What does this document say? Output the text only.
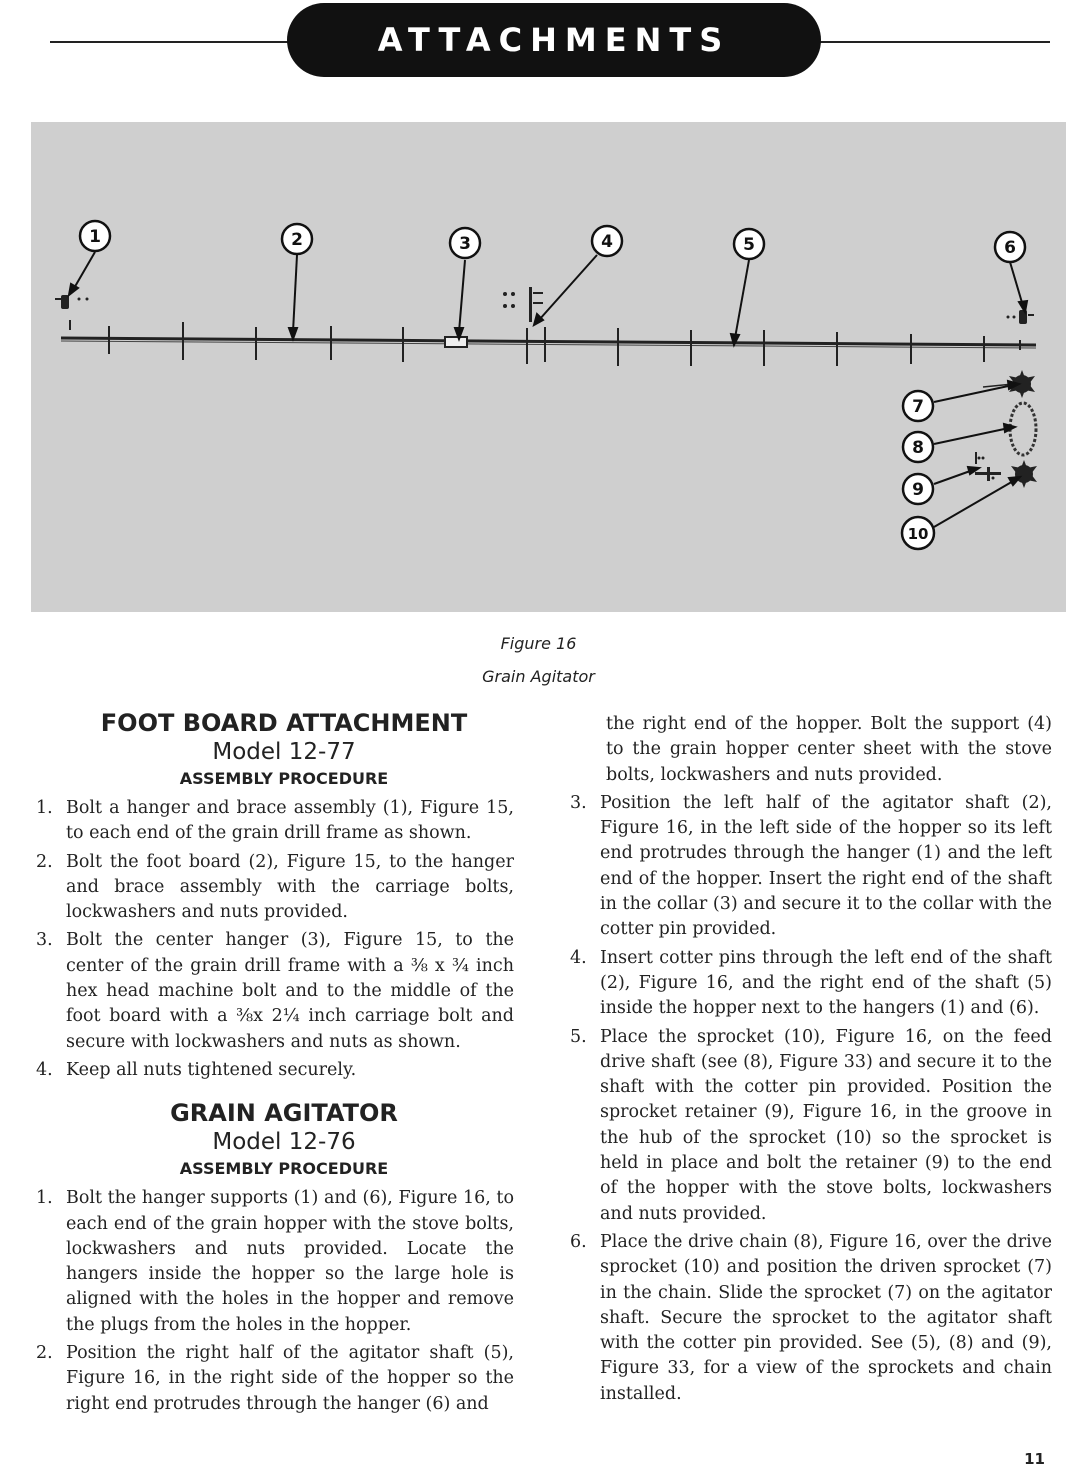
ATTACHMENTS
1	2	3	4	5	6
7
8
9
10
Figure 16
Grain Agitator
FOOT BOARD ATTACHMENT
Model 12-77
ASSEMBLY PROCEDURE
1. Bolt a hanger and brace assembly (1), Figure 15, to each end of the grain drill frame as shown.
2. Bolt the foot board (2), Figure 15, to the hanger and brace assembly with the carriage bolts, lockwashers and nuts provided.
3. Bolt the center hanger (3), Figure 15, to the center of the grain drill frame with a ⅜ x ¾ inch hex head machine bolt and to the middle of the foot board with a ⅜x 2¼ inch carriage bolt and secure with lockwashers and nuts as shown.
4. Keep all nuts tightened securely.
GRAIN AGITATOR
Model 12-76
ASSEMBLY PROCEDURE
1. Bolt the hanger supports (1) and (6), Figure 16, to each end of the grain hopper with the stove bolts, lockwashers and nuts provided. Locate the hangers inside the hopper so the large hole is aligned with the holes in the hopper and remove the plugs from the holes in the hopper.
2. Position the right half of the agitator shaft (5), Figure 16, in the right side of the hopper so the right end protrudes through the hanger (6) and
the right end of the hopper. Bolt the support (4) to the grain hopper center sheet with the stove bolts, lockwashers and nuts provided.
3. Position the left half of the agitator shaft (2), Figure 16, in the left side of the hopper so its left end protrudes through the hanger (1) and the left end of the hopper. Insert the right end of the shaft in the collar (3) and secure it to the collar with the cotter pin provided.
4. Insert cotter pins through the left end of the shaft (2), Figure 16, and the right end of the shaft (5) inside the hopper next to the hangers (1) and (6).
5. Place the sprocket (10), Figure 16, on the feed drive shaft (see (8), Figure 33) and secure it to the shaft with the cotter pin provided. Position the sprocket retainer (9), Figure 16, in the groove in the hub of the sprocket (10) so the sprocket is held in place and bolt the retainer (9) to the end of the hopper with the stove bolts, lockwashers and nuts provided.
6. Place the drive chain (8), Figure 16, over the drive sprocket (10) and position the driven sprocket (7) in the chain. Slide the sprocket (7) on the agitator shaft. Secure the sprocket to the agitator shaft with the cotter pin provided. See (5), (8) and (9), Figure 33, for a view of the sprockets and chain installed.
11
